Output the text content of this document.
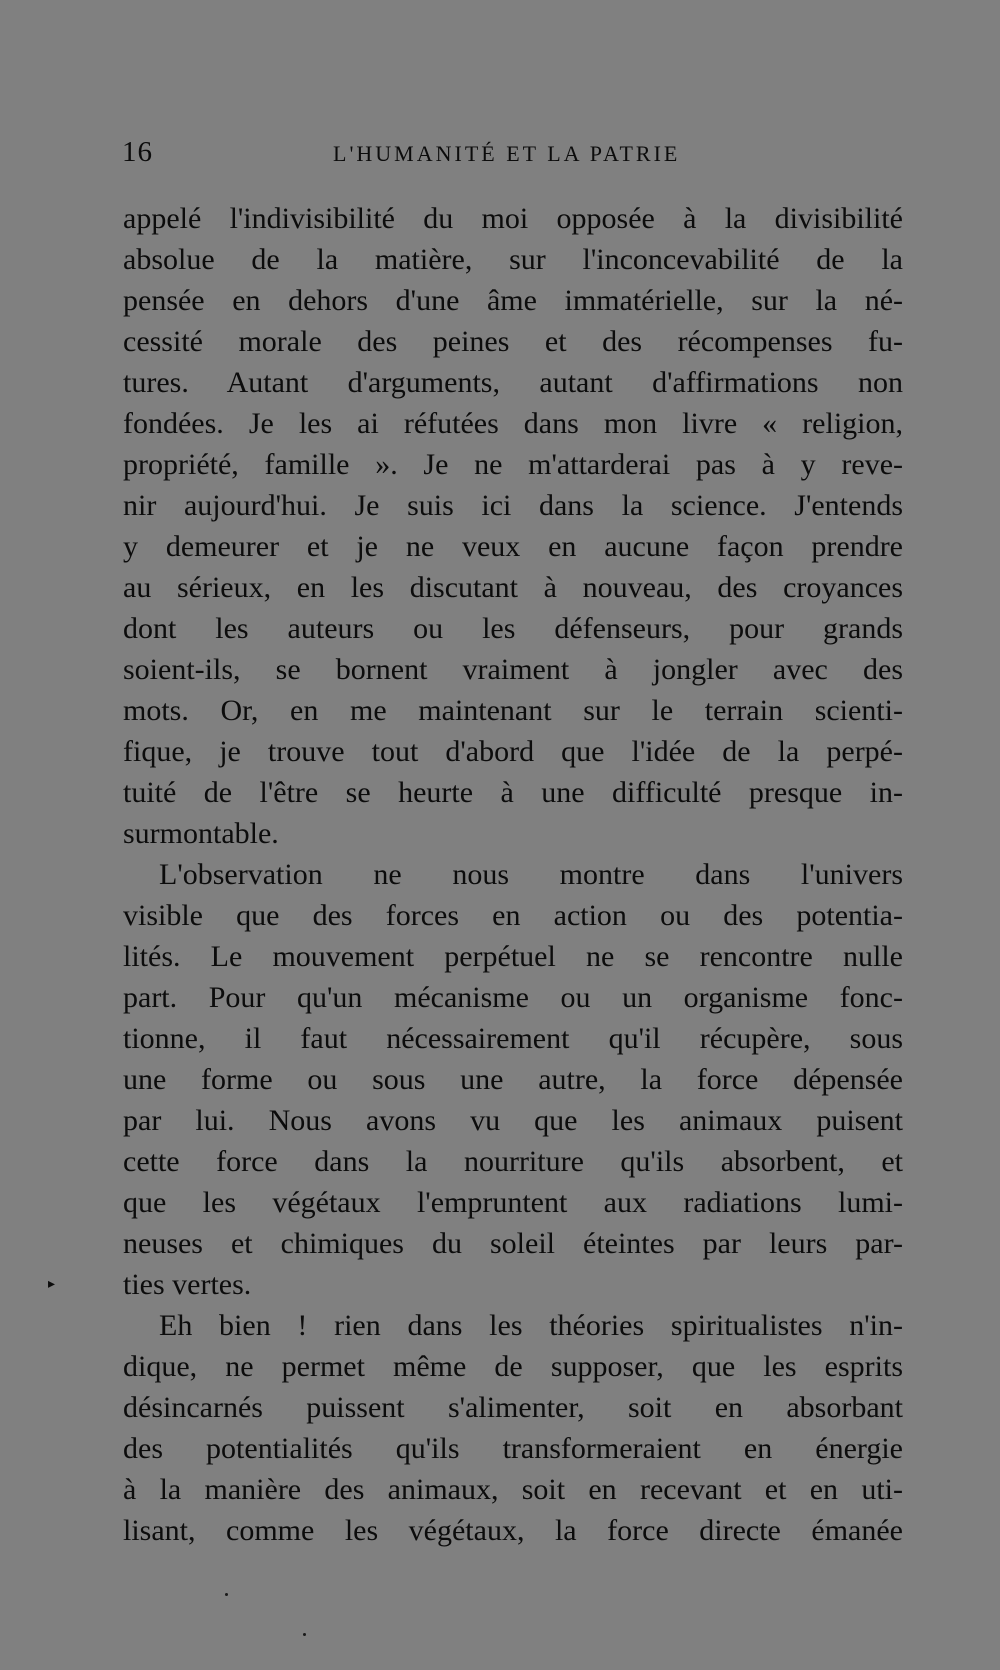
16	L'HUMANITÉ ET LA PATRIE
▸
appelé l'indivisibilité du moi opposée à la divisibilité
absolue de la matière, sur l'inconcevabilité de la
pensée en dehors d'une âme immatérielle, sur la né-
cessité morale des peines et des récompenses fu-
tures. Autant d'arguments, autant d'affirmations non
fondées. Je les ai réfutées dans mon livre « religion,
propriété, famille ». Je ne m'attarderai pas à y reve-
nir aujourd'hui. Je suis ici dans la science. J'entends
y demeurer et je ne veux en aucune façon prendre
au sérieux, en les discutant à nouveau, des croyances
dont les auteurs ou les défenseurs, pour grands
soient-ils, se bornent vraiment à jongler avec des
mots. Or, en me maintenant sur le terrain scienti-
fique, je trouve tout d'abord que l'idée de la perpé-
tuité de l'être se heurte à une difficulté presque in-
surmontable.
L'observation ne nous montre dans l'univers
visible que des forces en action ou des potentia-
lités. Le mouvement perpétuel ne se rencontre nulle
part. Pour qu'un mécanisme ou un organisme fonc-
tionne, il faut nécessairement qu'il récupère, sous
une forme ou sous une autre, la force dépensée
par lui. Nous avons vu que les animaux puisent
cette force dans la nourriture qu'ils absorbent, et
que les végétaux l'empruntent aux radiations lumi-
neuses et chimiques du soleil éteintes par leurs par-
ties vertes.
Eh bien ! rien dans les théories spiritualistes n'in-
dique, ne permet même de supposer, que les esprits
désincarnés puissent s'alimenter, soit en absorbant
des potentialités qu'ils transformeraient en énergie
à la manière des animaux, soit en recevant et en uti-
lisant, comme les végétaux, la force directe émanée
